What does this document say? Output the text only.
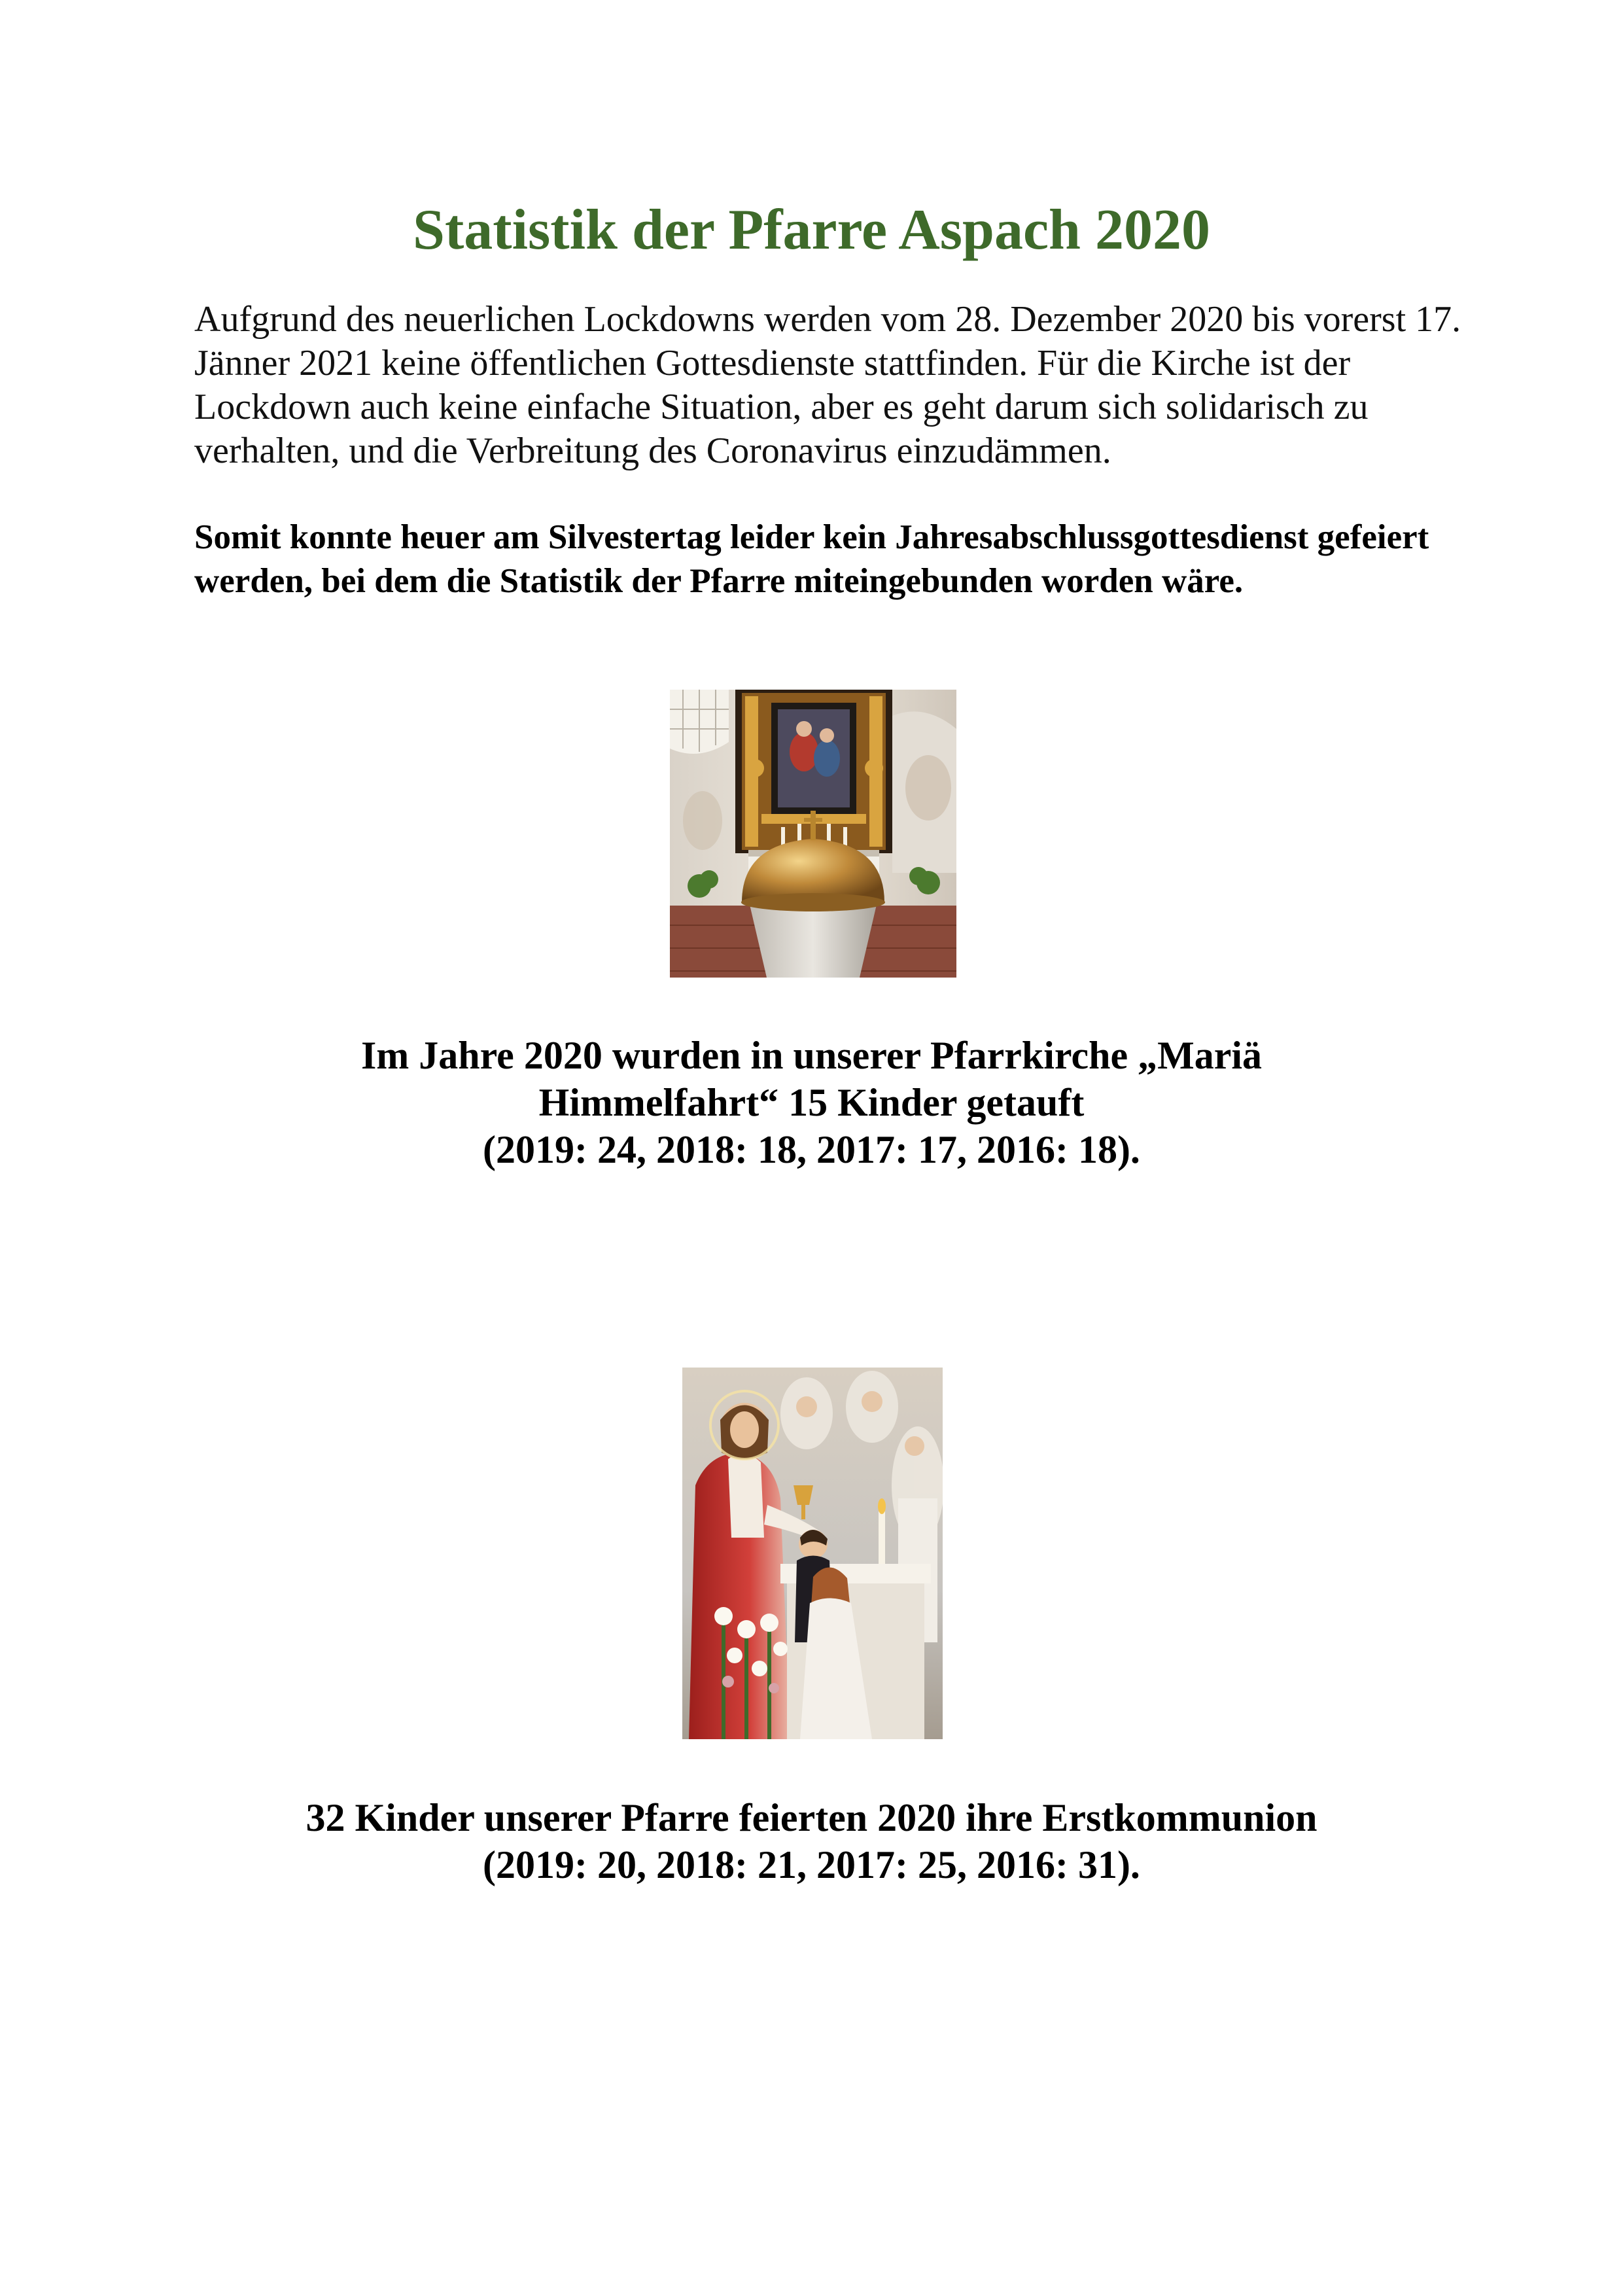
Statistik der Pfarre Aspach 2020

Aufgrund des neuerlichen Lockdowns werden vom 28. Dezember 2020 bis vorerst 17. Jänner 2021 keine öffentlichen Gottesdienste stattfinden. Für die Kirche ist der Lockdown auch keine einfache Situation, aber es geht darum sich solidarisch zu verhalten, und die Verbreitung des Coronavirus einzudämmen.

Somit konnte heuer am Silvestertag leider kein Jahresabschlussgottesdienst gefeiert werden, bei dem die Statistik der Pfarre miteingebunden worden wäre.

Im Jahre 2020 wurden in unserer Pfarrkirche „Mariä
Himmelfahrt“ 15 Kinder getauft
(2019: 24, 2018: 18, 2017: 17, 2016: 18).

32 Kinder unserer Pfarre feierten 2020 ihre Erstkommunion
(2019: 20, 2018: 21, 2017: 25, 2016: 31).
